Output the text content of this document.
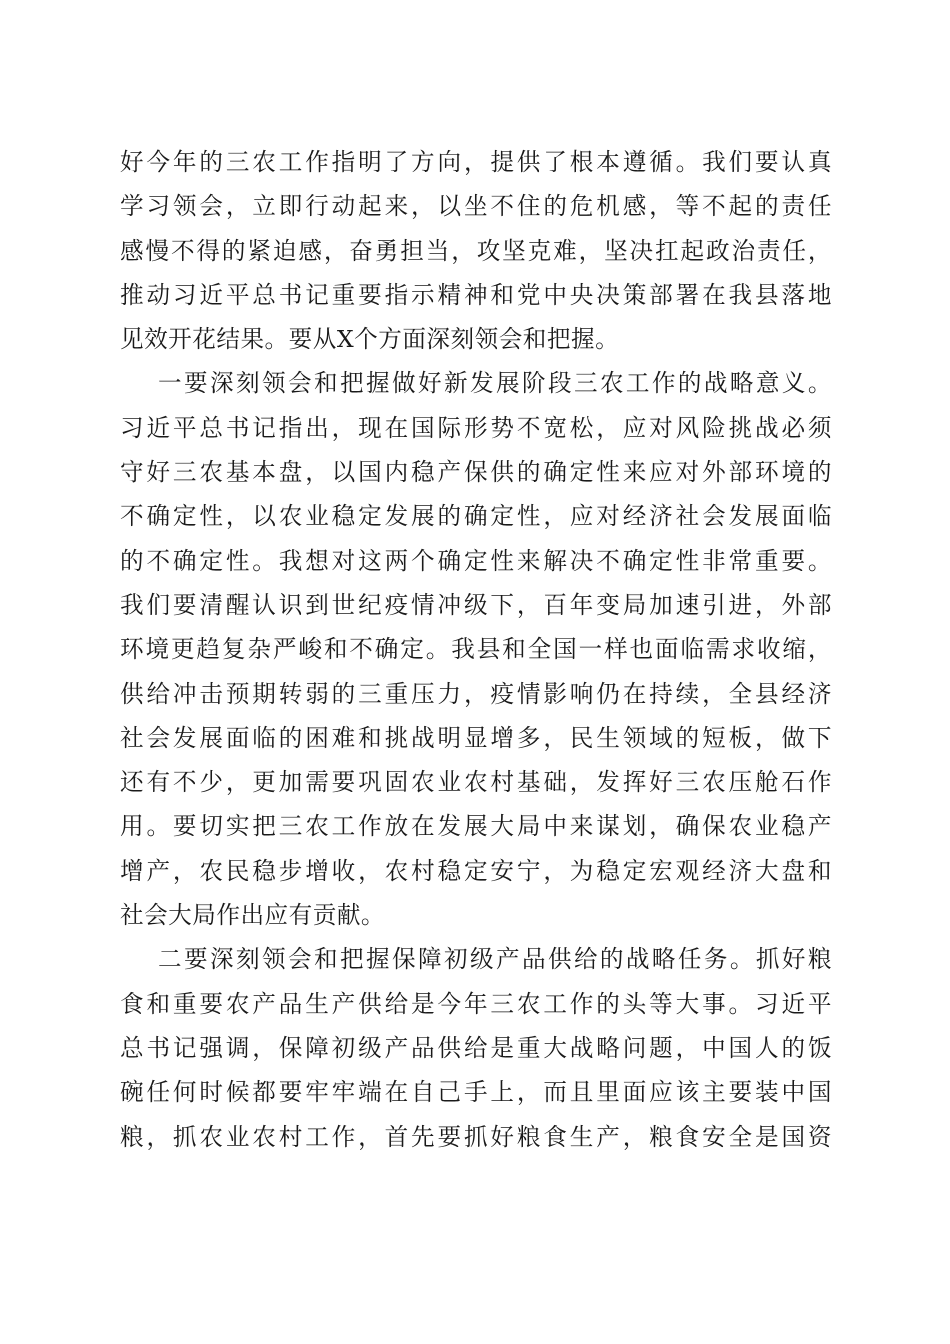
好今年的三农工作指明了方向，提供了根本遵循。我们要认真
学习领会，立即行动起来，以坐不住的危机感，等不起的责任
感慢不得的紧迫感，奋勇担当，攻坚克难，坚决扛起政治责任，
推动习近平总书记重要指示精神和党中央决策部署在我县落地
见效开花结果。要从X个方面深刻领会和把握。
一要深刻领会和把握做好新发展阶段三农工作的战略意义。
习近平总书记指出，现在国际形势不宽松，应对风险挑战必须
守好三农基本盘，以国内稳产保供的确定性来应对外部环境的
不确定性，以农业稳定发展的确定性，应对经济社会发展面临
的不确定性。我想对这两个确定性来解决不确定性非常重要。
我们要清醒认识到世纪疫情冲级下，百年变局加速引进，外部
环境更趋复杂严峻和不确定。我县和全国一样也面临需求收缩，
供给冲击预期转弱的三重压力，疫情影响仍在持续，全县经济
社会发展面临的困难和挑战明显增多，民生领域的短板，做下
还有不少，更加需要巩固农业农村基础，发挥好三农压舱石作
用。要切实把三农工作放在发展大局中来谋划，确保农业稳产
增产，农民稳步增收，农村稳定安宁，为稳定宏观经济大盘和
社会大局作出应有贡献。
二要深刻领会和把握保障初级产品供给的战略任务。抓好粮
食和重要农产品生产供给是今年三农工作的头等大事。习近平
总书记强调，保障初级产品供给是重大战略问题，中国人的饭
碗任何时候都要牢牢端在自己手上，而且里面应该主要装中国
粮，抓农业农村工作，首先要抓好粮食生产，粮食安全是国资
